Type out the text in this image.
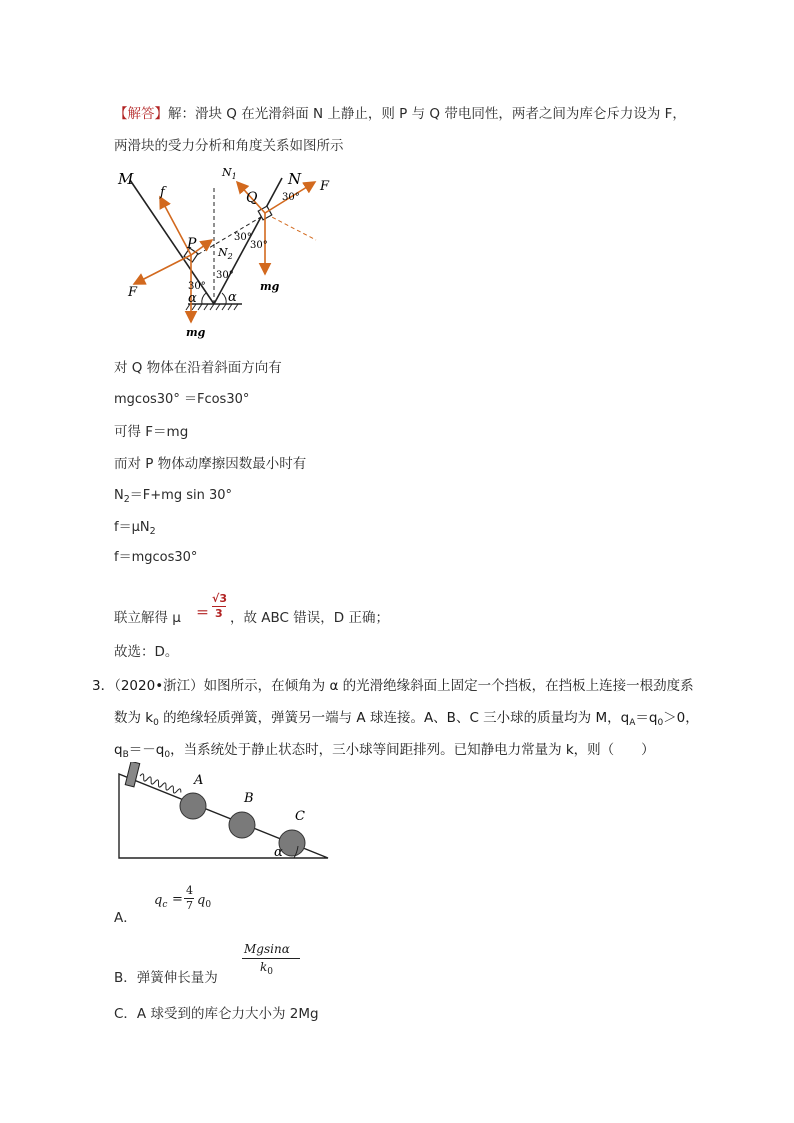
【解答】解：滑块 Q 在光滑斜面 N 上静止，则 P 与 Q 带电同性，两者之间为库仑斥力设为 F，
两滑块的受力分析和角度关系如图所示
M	N
$N_1$
$N_2$
P
Q
F
F
f
mg
mg
α α
30°
30°
30°
30°
30°
对 Q 物体在沿着斜面方向有
mgcos30° ＝Fcos30°
可得 F＝mg
而对 P 物体动摩擦因数最小时有
$N_2=F+mg$ sin 30°
$f=\mu N_2$
f＝mgcos30°
联立解得 μ ＝
√3
3 ，故 ABC 错误，D 正确；
故选：D。
3．（2020•浙江）如图所示，在倾角为 α 的光滑绝缘斜面上固定一个挡板，在挡板上连接一根劲度系
数为 $k_0$ 的绝缘轻质弹簧，弹簧另一端与 A 球连接。A、B、C 三小球的质量均为 M，$q_A=q_0>0$，
$q_B=-q_0$，当系统处于静止状态时，三小球等间距排列。已知静电力常量为 k，则（　　）
A
B
C
α
A．
$q_c$ =
4
7 $q_0$
B．弹簧伸长量为
Mgsinα
$k_0$
C．A 球受到的库仑力大小为 2Mg
